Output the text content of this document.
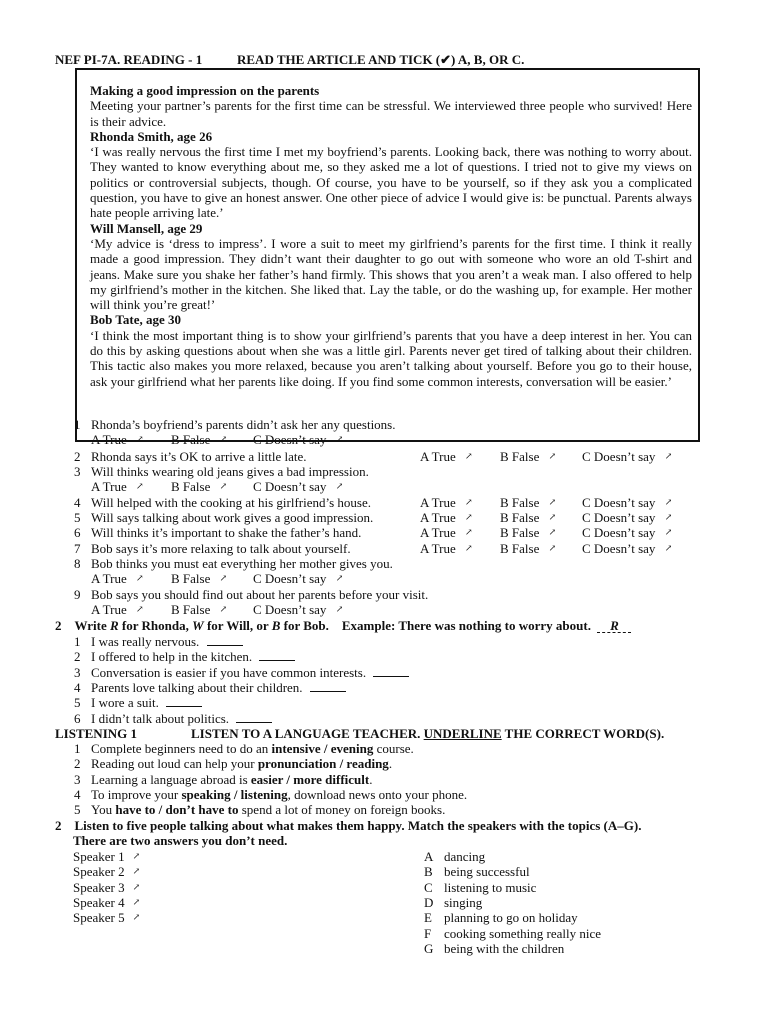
NEF PI-7A. READING - 1	READ THE ARTICLE AND TICK (✔) A, B, OR C.

Making a good impression on the parents

Meeting your partner’s parents for the first time can be stressful. We interviewed three people who survived! Here is their advice.

Rhonda Smith, age 26

‘I was really nervous the first time I met my boyfriend’s parents. Looking back, there was nothing to worry about. They wanted to know everything about me, so they asked me a lot of questions. I tried not to give my views on politics or controversial subjects, though. Of course, you have to be yourself, so if they ask you a complicated question, you have to give an honest answer. One other piece of advice I would give is: be punctual. Parents always hate people arriving late.’

Will Mansell, age 29

‘My advice is ‘dress to impress’. I wore a suit to meet my girlfriend’s parents for the first time. I think it really made a good impression. They didn’t want their daughter to go out with someone who wore an old T-shirt and jeans. Make sure you shake her father’s hand firmly. This shows that you aren’t a weak man. I also offered to help my girlfriend’s mother in the kitchen. She liked that. Lay the table, or do the washing up, for example. Her mother will think you’re great!’

Bob Tate, age 30

‘I think the most important thing is to show your girlfriend’s parents that you have a deep interest in her. You can do this by asking questions about when she was a little girl. Parents never get tired of talking about their children. This tactic also makes you more relaxed, because you aren’t talking about yourself. Before you go to their house, ask your girlfriend what her parents like doing. If you find some common interests, conversation will be easier.’

1 Rhonda’s boyfriend’s parents didn’t ask her any questions.
A True ↗ B False ↗ C Doesn’t say ↗
2 Rhonda says it’s OK to arrive a little late.	A True ↗ B False ↗ C Doesn’t say ↗
3 Will thinks wearing old jeans gives a bad impression.
A True ↗ B False ↗ C Doesn’t say ↗
4 Will helped with the cooking at his girlfriend’s house.	A True ↗ B False ↗ C Doesn’t say ↗
5 Will says talking about work gives a good impression.	A True ↗ B False ↗ C Doesn’t say ↗
6 Will thinks it’s important to shake the father’s hand.	A True ↗ B False ↗ C Doesn’t say ↗
7 Bob says it’s more relaxing to talk about yourself.	A True ↗ B False ↗ C Doesn’t say ↗
8 Bob thinks you must eat everything her mother gives you.
A True ↗ B False ↗ C Doesn’t say ↗
9 Bob says you should find out about her parents before your visit.
A True ↗ B False ↗ C Doesn’t say ↗
2 Write R for Rhonda, W for Will, or B for Bob. Example: There was nothing to worry about. R
1 I was really nervous.
2 I offered to help in the kitchen.
3 Conversation is easier if you have common interests.
4 Parents love talking about their children.
5 I wore a suit.
6 I didn’t talk about politics.
LISTENING 1	LISTEN TO A LANGUAGE TEACHER. UNDERLINE THE CORRECT WORD(S).
1 Complete beginners need to do an intensive / evening course.
2 Reading out loud can help your pronunciation / reading.
3 Learning a language abroad is easier / more difficult.
4 To improve your speaking / listening, download news onto your phone.
5 You have to / don’t have to spend a lot of money on foreign books.
2 Listen to five people talking about what makes them happy. Match the speakers with the topics (A–G).
There are two answers you don’t need.
Speaker 1 ↗
Speaker 2 ↗
Speaker 3 ↗
Speaker 4 ↗
Speaker 5 ↗
A dancing
B being successful
C listening to music
D singing
E planning to go on holiday
F cooking something really nice
G being with the children
